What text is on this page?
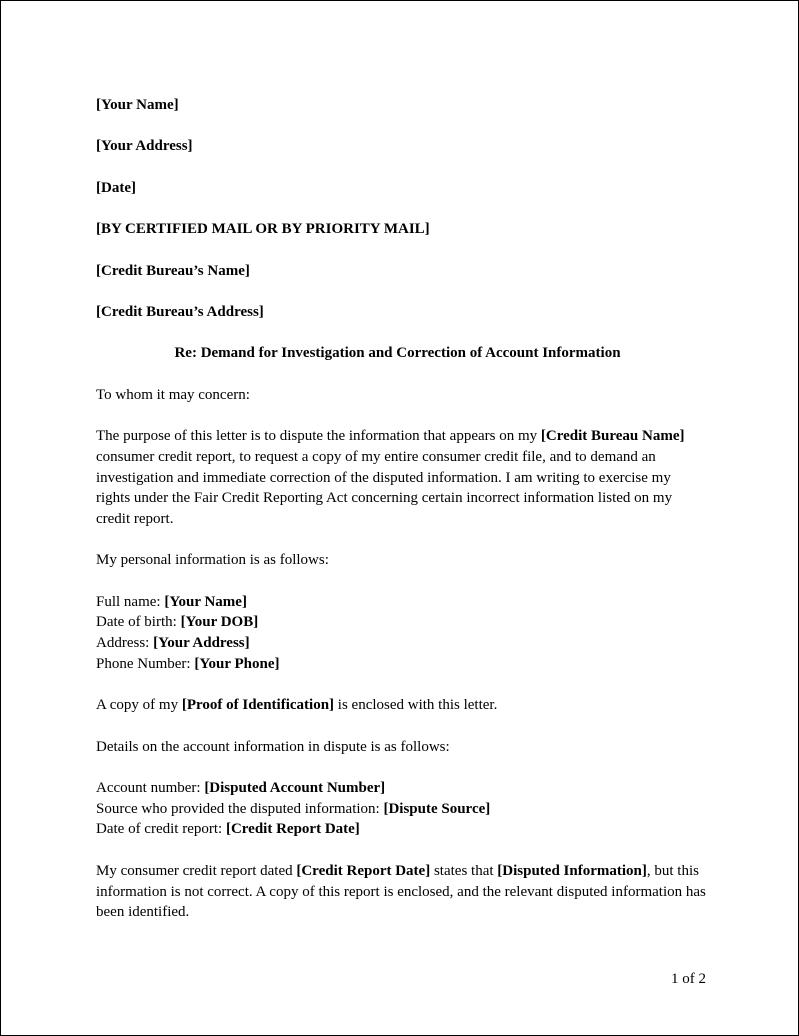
[Your Name]

[Your Address]

[Date]

[BY CERTIFIED MAIL OR BY PRIORITY MAIL]

[Credit Bureau’s Name]

[Credit Bureau’s Address]

Re: Demand for Investigation and Correction of Account Information

To whom it may concern:

The purpose of this letter is to dispute the information that appears on my [Credit Bureau Name] consumer credit report, to request a copy of my entire consumer credit file, and to demand an investigation and immediate correction of the disputed information. I am writing to exercise my rights under the Fair Credit Reporting Act concerning certain incorrect information listed on my credit report.

My personal information is as follows:

Full name: [Your Name]
Date of birth: [Your DOB]
Address: [Your Address]
Phone Number: [Your Phone]

A copy of my [Proof of Identification] is enclosed with this letter.

Details on the account information in dispute is as follows:

Account number: [Disputed Account Number]
Source who provided the disputed information: [Dispute Source]
Date of credit report: [Credit Report Date]

My consumer credit report dated [Credit Report Date] states that [Disputed Information], but this information is not correct. A copy of this report is enclosed, and the relevant disputed information has been identified.

1 of 2
